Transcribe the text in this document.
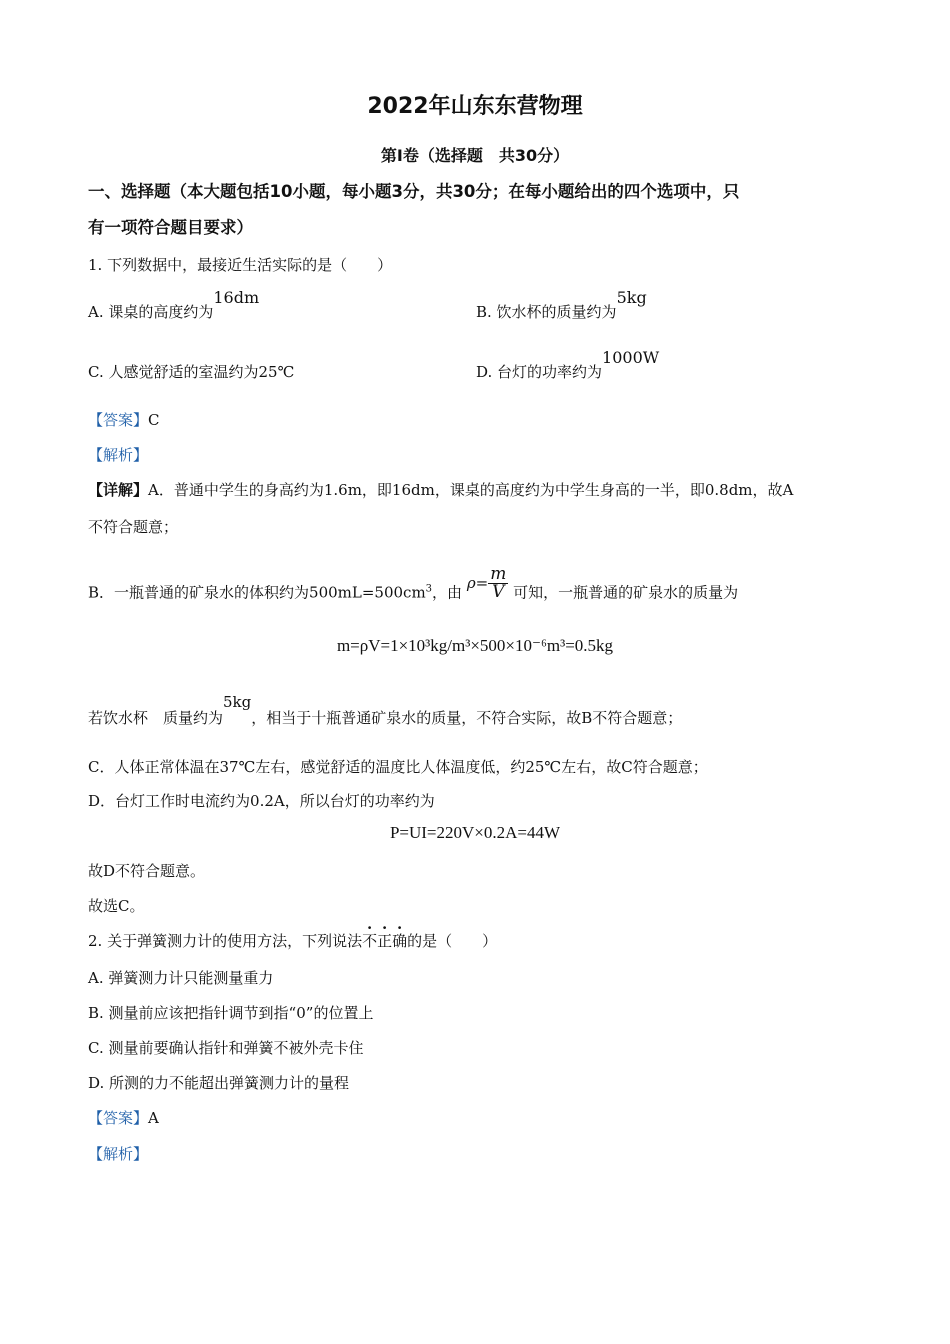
2022年山东东营物理
第Ⅰ卷（选择题　共30分）
一、选择题（本大题包括10小题，每小题3分，共30分；在每小题给出的四个选项中，只
有一项符合题目要求）
1. 下列数据中，最接近生活实际的是（　　）
A. 课桌的高度约为16dm
B. 饮水杯的质量约为5kg
C. 人感觉舒适的室温约为25℃	D. 台灯的功率约为1000W
【答案】C
【解析】
【详解】A．普通中学生的身高约为1.6m，即16dm，课桌的高度约为中学生身高的一半，即0.8dm，故A
不符合题意；
B．一瓶普通的矿泉水的体积约为$500mL=500cm^3$，由 $\rho= \frac{m}{V}$ 可知，一瓶普通的矿泉水的质量为
m=ρV=1×10³kg/m³×500×10⁻⁶m³=0.5kg
若饮水杯　质量约为5kg，相当于十瓶普通矿泉水的质量，不符合实际，故B不符合题意；
C．人体正常体温在37℃左右，感觉舒适的温度比人体温度低，约25℃左右，故C符合题意；
D．台灯工作时电流约为0.2A，所以台灯的功率约为
P=UI=220V×0.2A=44W
故D不符合题意。
故选C。
2. 关于弹簧测力计的使用方法，下列说法不正确的是（　　）
A. 弹簧测力计只能测量重力
B. 测量前应该把指针调节到指“0”的位置上
C. 测量前要确认指针和弹簧不被外壳卡住
D. 所测的力不能超出弹簧测力计的量程
【答案】A
【解析】
